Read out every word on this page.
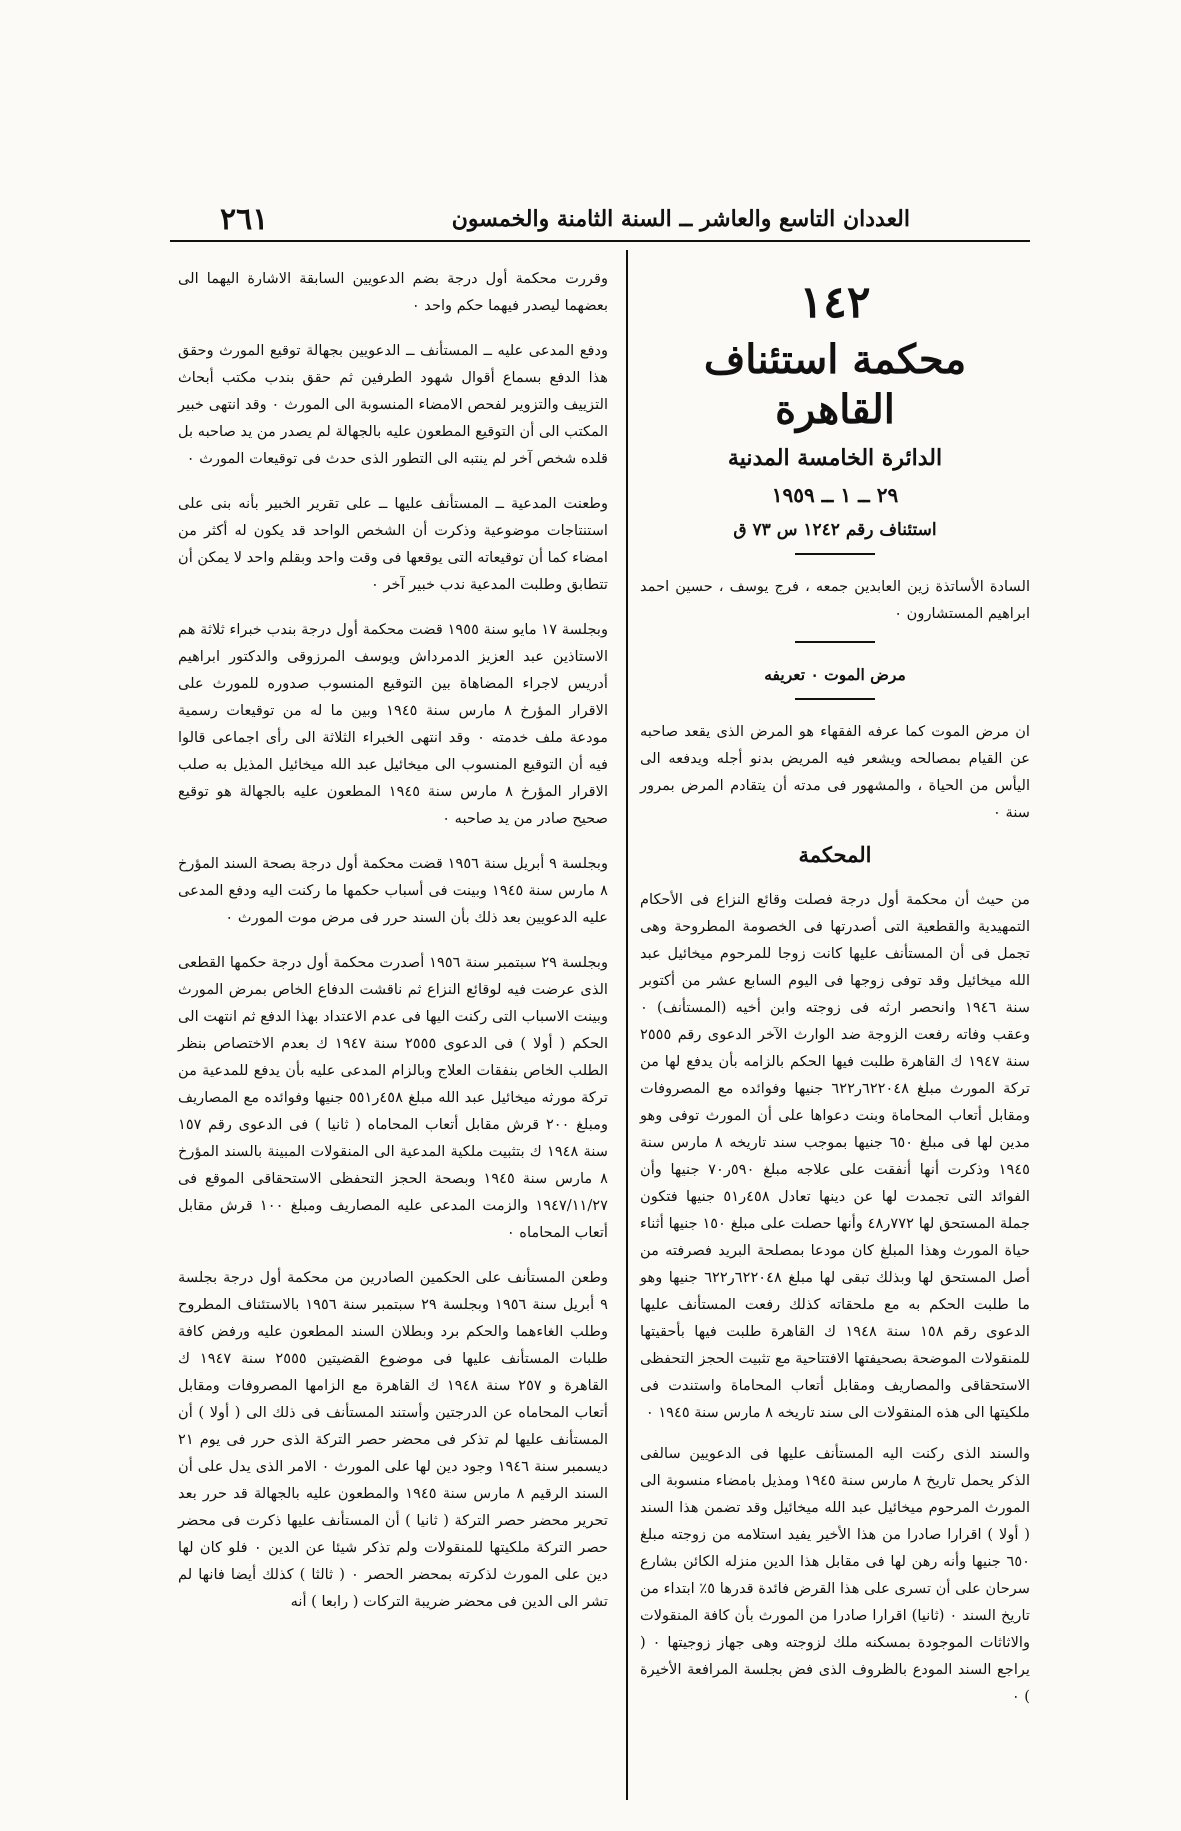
٢٦١	العددان التاسع والعاشر ــ السنة الثامنة والخمسون
١٤٢
محكمة استئناف القاهرة
الدائرة الخامسة المدنية
٢٩ ــ ١ ــ ١٩٥٩
استئناف رقم ١٢٤٢ س ٧٣ ق

السادة الأساتذة زين العابدين جمعه ، فرج يوسف ، حسين احمد ابراهيم المستشارون ٠

مرض الموت ٠ تعريفه

ان مرض الموت كما عرفه الفقهاء هو المرض الذى يقعد صاحبه عن القيام بمصالحه ويشعر فيه المريض بدنو أجله ويدفعه الى اليأس من الحياة ، والمشهور فى مدته أن يتقادم المرض بمرور سنة ٠

المحكمة

من حيث أن محكمة أول درجة فصلت وقائع النزاع فى الأحكام التمهيدية والقطعية التى أصدرتها فى الخصومة المطروحة وهى تجمل فى أن المستأنف عليها كانت زوجا للمرحوم ميخائيل عبد الله ميخائيل وقد توفى زوجها فى اليوم السابع عشر من أكتوبر سنة ١٩٤٦ وانحصر ارثه فى زوجته وابن أخيه (المستأنف) ٠ وعقب وفاته رفعت الزوجة ضد الوارث الآخر الدعوى رقم ٢٥٥٥ سنة ١٩٤٧ ك القاهرة طلبت فيها الحكم بالزامه بأن يدفع لها من تركة المورث مبلغ ٦٢٢٠٤٨ر٦٢٢ جنيها وفوائده مع المصروفات ومقابل أتعاب المحاماة وبنت دعواها على أن المورث توفى وهو مدين لها فى مبلغ ٦٥٠ جنيها بموجب سند تاريخه ٨ مارس سنة ١٩٤٥ وذكرت أنها أنفقت على علاجه مبلغ ٥٩٠ر٧٠ جنيها وأن الفوائد التى تجمدت لها عن دينها تعادل ٤٥٨ر٥١ جنيها فتكون جملة المستحق لها ٧٧٢ر٤٨ وأنها حصلت على مبلغ ١٥٠ جنيها أثناء حياة المورث وهذا المبلغ كان مودعا بمصلحة البريد فصرفته من أصل المستحق لها وبذلك تبقى لها مبلغ ٦٢٢٠٤٨ر٦٢٢ جنيها وهو ما طلبت الحكم به مع ملحقاته كذلك رفعت المستأنف عليها الدعوى رقم ١٥٨ سنة ١٩٤٨ ك القاهرة طلبت فيها بأحقيتها للمنقولات الموضحة بصحيفتها الافتتاحية مع تثبيت الحجز التحفظى الاستحقاقى والمصاريف ومقابل أتعاب المحاماة واستندت فى ملكيتها الى هذه المنقولات الى سند تاريخه ٨ مارس سنة ١٩٤٥ ٠

والسند الذى ركنت اليه المستأنف عليها فى الدعويين سالفى الذكر يحمل تاريخ ٨ مارس سنة ١٩٤٥ ومذيل بامضاء منسوبة الى المورث المرحوم ميخائيل عبد الله ميخائيل وقد تضمن هذا السند ( أولا ) اقرارا صادرا من هذا الأخير يفيد استلامه من زوجته مبلغ ٦٥٠ جنيها وأنه رهن لها فى مقابل هذا الدين منزله الكائن بشارع سرحان على أن تسرى على هذا القرض فائدة قدرها ٥٪ ابتداء من تاريخ السند ٠ (ثانيا) اقرارا صادرا من المورث بأن كافة المنقولات والاثاثات الموجودة بمسكنه ملك لزوجته وهى جهاز زوجيتها ٠ ( يراجع السند المودع بالظروف الذى فض بجلسة المرافعة الأخيرة ) ٠

وقررت محكمة أول درجة بضم الدعويين السابقة الاشارة اليهما الى بعضهما ليصدر فيهما حكم واحد ٠

ودفع المدعى عليه ــ المستأنف ــ الدعويين بجهالة توقيع المورث وحقق هذا الدفع بسماع أقوال شهود الطرفين ثم حقق بندب مكتب أبحاث التزييف والتزوير لفحص الامضاء المنسوبة الى المورث ٠ وقد انتهى خبير المكتب الى أن التوقيع المطعون عليه بالجهالة لم يصدر من يد صاحبه بل قلده شخص آخر لم ينتبه الى التطور الذى حدث فى توقيعات المورث ٠

وطعنت المدعية ــ المستأنف عليها ــ على تقرير الخبير بأنه بنى على استنتاجات موضوعية وذكرت أن الشخص الواحد قد يكون له أكثر من امضاء كما أن توقيعاته التى يوقعها فى وقت واحد وبقلم واحد لا يمكن أن تتطابق وطلبت المدعية ندب خبير آخر ٠

وبجلسة ١٧ مايو سنة ١٩٥٥ قضت محكمة أول درجة بندب خبراء ثلاثة هم الاستاذين عبد العزيز الدمرداش ويوسف المرزوقى والدكتور ابراهيم أدريس لاجراء المضاهاة بين التوقيع المنسوب صدوره للمورث على الاقرار المؤرخ ٨ مارس سنة ١٩٤٥ وبين ما له من توقيعات رسمية مودعة ملف خدمته ٠ وقد انتهى الخبراء الثلاثة الى رأى اجماعى قالوا فيه أن التوقيع المنسوب الى ميخائيل عبد الله ميخائيل المذيل به صلب الاقرار المؤرخ ٨ مارس سنة ١٩٤٥ المطعون عليه بالجهالة هو توقيع صحيح صادر من يد صاحبه ٠

وبجلسة ٩ أبريل سنة ١٩٥٦ قضت محكمة أول درجة بصحة السند المؤرخ ٨ مارس سنة ١٩٤٥ وبينت فى أسباب حكمها ما ركنت اليه ودفع المدعى عليه الدعويين بعد ذلك بأن السند حرر فى مرض موت المورث ٠

وبجلسة ٢٩ سبتمبر سنة ١٩٥٦ أصدرت محكمة أول درجة حكمها القطعى الذى عرضت فيه لوقائع النزاع ثم ناقشت الدفاع الخاص بمرض المورث وبينت الاسباب التى ركنت اليها فى عدم الاعتداد بهذا الدفع ثم انتهت الى الحكم ( أولا ) فى الدعوى ٢٥٥٥ سنة ١٩٤٧ ك بعدم الاختصاص بنظر الطلب الخاص بنفقات العلاج وبالزام المدعى عليه بأن يدفع للمدعية من تركة مورثه ميخائيل عبد الله مبلغ ٤٥٨ر٥٥١ جنيها وفوائده مع المصاريف ومبلغ ٢٠٠ قرش مقابل أتعاب المحاماه ( ثانيا ) فى الدعوى رقم ١٥٧ سنة ١٩٤٨ ك بتثبيت ملكية المدعية الى المنقولات المبينة بالسند المؤرخ ٨ مارس سنة ١٩٤٥ وبصحة الحجز التحفظى الاستحقاقى الموقع فى ١٩٤٧/١١/٢٧ والزمت المدعى عليه المصاريف ومبلغ ١٠٠ قرش مقابل أتعاب المحاماه ٠

وطعن المستأنف على الحكمين الصادرين من محكمة أول درجة بجلسة ٩ أبريل سنة ١٩٥٦ وبجلسة ٢٩ سبتمبر سنة ١٩٥٦ بالاستئناف المطروح وطلب الغاءهما والحكم برد وبطلان السند المطعون عليه ورفض كافة طلبات المستأنف عليها فى موضوع القضيتين ٢٥٥٥ سنة ١٩٤٧ ك القاهرة و ٢٥٧ سنة ١٩٤٨ ك القاهرة مع الزامها المصروفات ومقابل أتعاب المحاماه عن الدرجتين وأستند المستأنف فى ذلك الى ( أولا ) أن المستأنف عليها لم تذكر فى محضر حصر التركة الذى حرر فى يوم ٢١ ديسمبر سنة ١٩٤٦ وجود دين لها على المورث ٠ الامر الذى يدل على أن السند الرقيم ٨ مارس سنة ١٩٤٥ والمطعون عليه بالجهالة قد حرر بعد تحرير محضر حصر التركة ( ثانيا ) أن المستأنف عليها ذكرت فى محضر حصر التركة ملكيتها للمنقولات ولم تذكر شيئا عن الدين ٠ فلو كان لها دين على المورث لذكرته بمحضر الحصر ٠ ( ثالثا ) كذلك أيضا فانها لم تشر الى الدين فى محضر ضريبة التركات ( رابعا ) أنه
